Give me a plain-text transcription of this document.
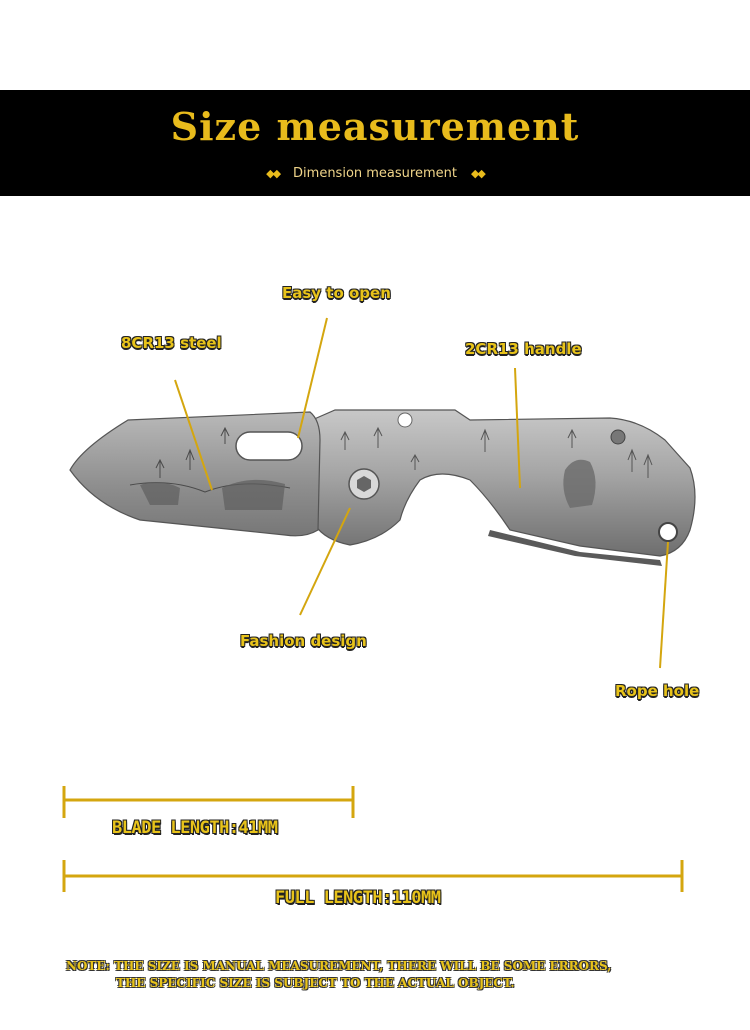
Size measurement
◆◆ Dimension measurement ◆◆
Easy to open
8CR13 steel	2CR13 handle
Fashion design
Rope hole
BLADE LENGTH:41MM
FULL LENGTH:110MM
NOTE: THE SIZE IS MANUAL MEASUREMENT, THERE WILL BE SOME ERRORS,
THE SPECIFIC SIZE IS SUBJECT TO THE ACTUAL OBJECT.
